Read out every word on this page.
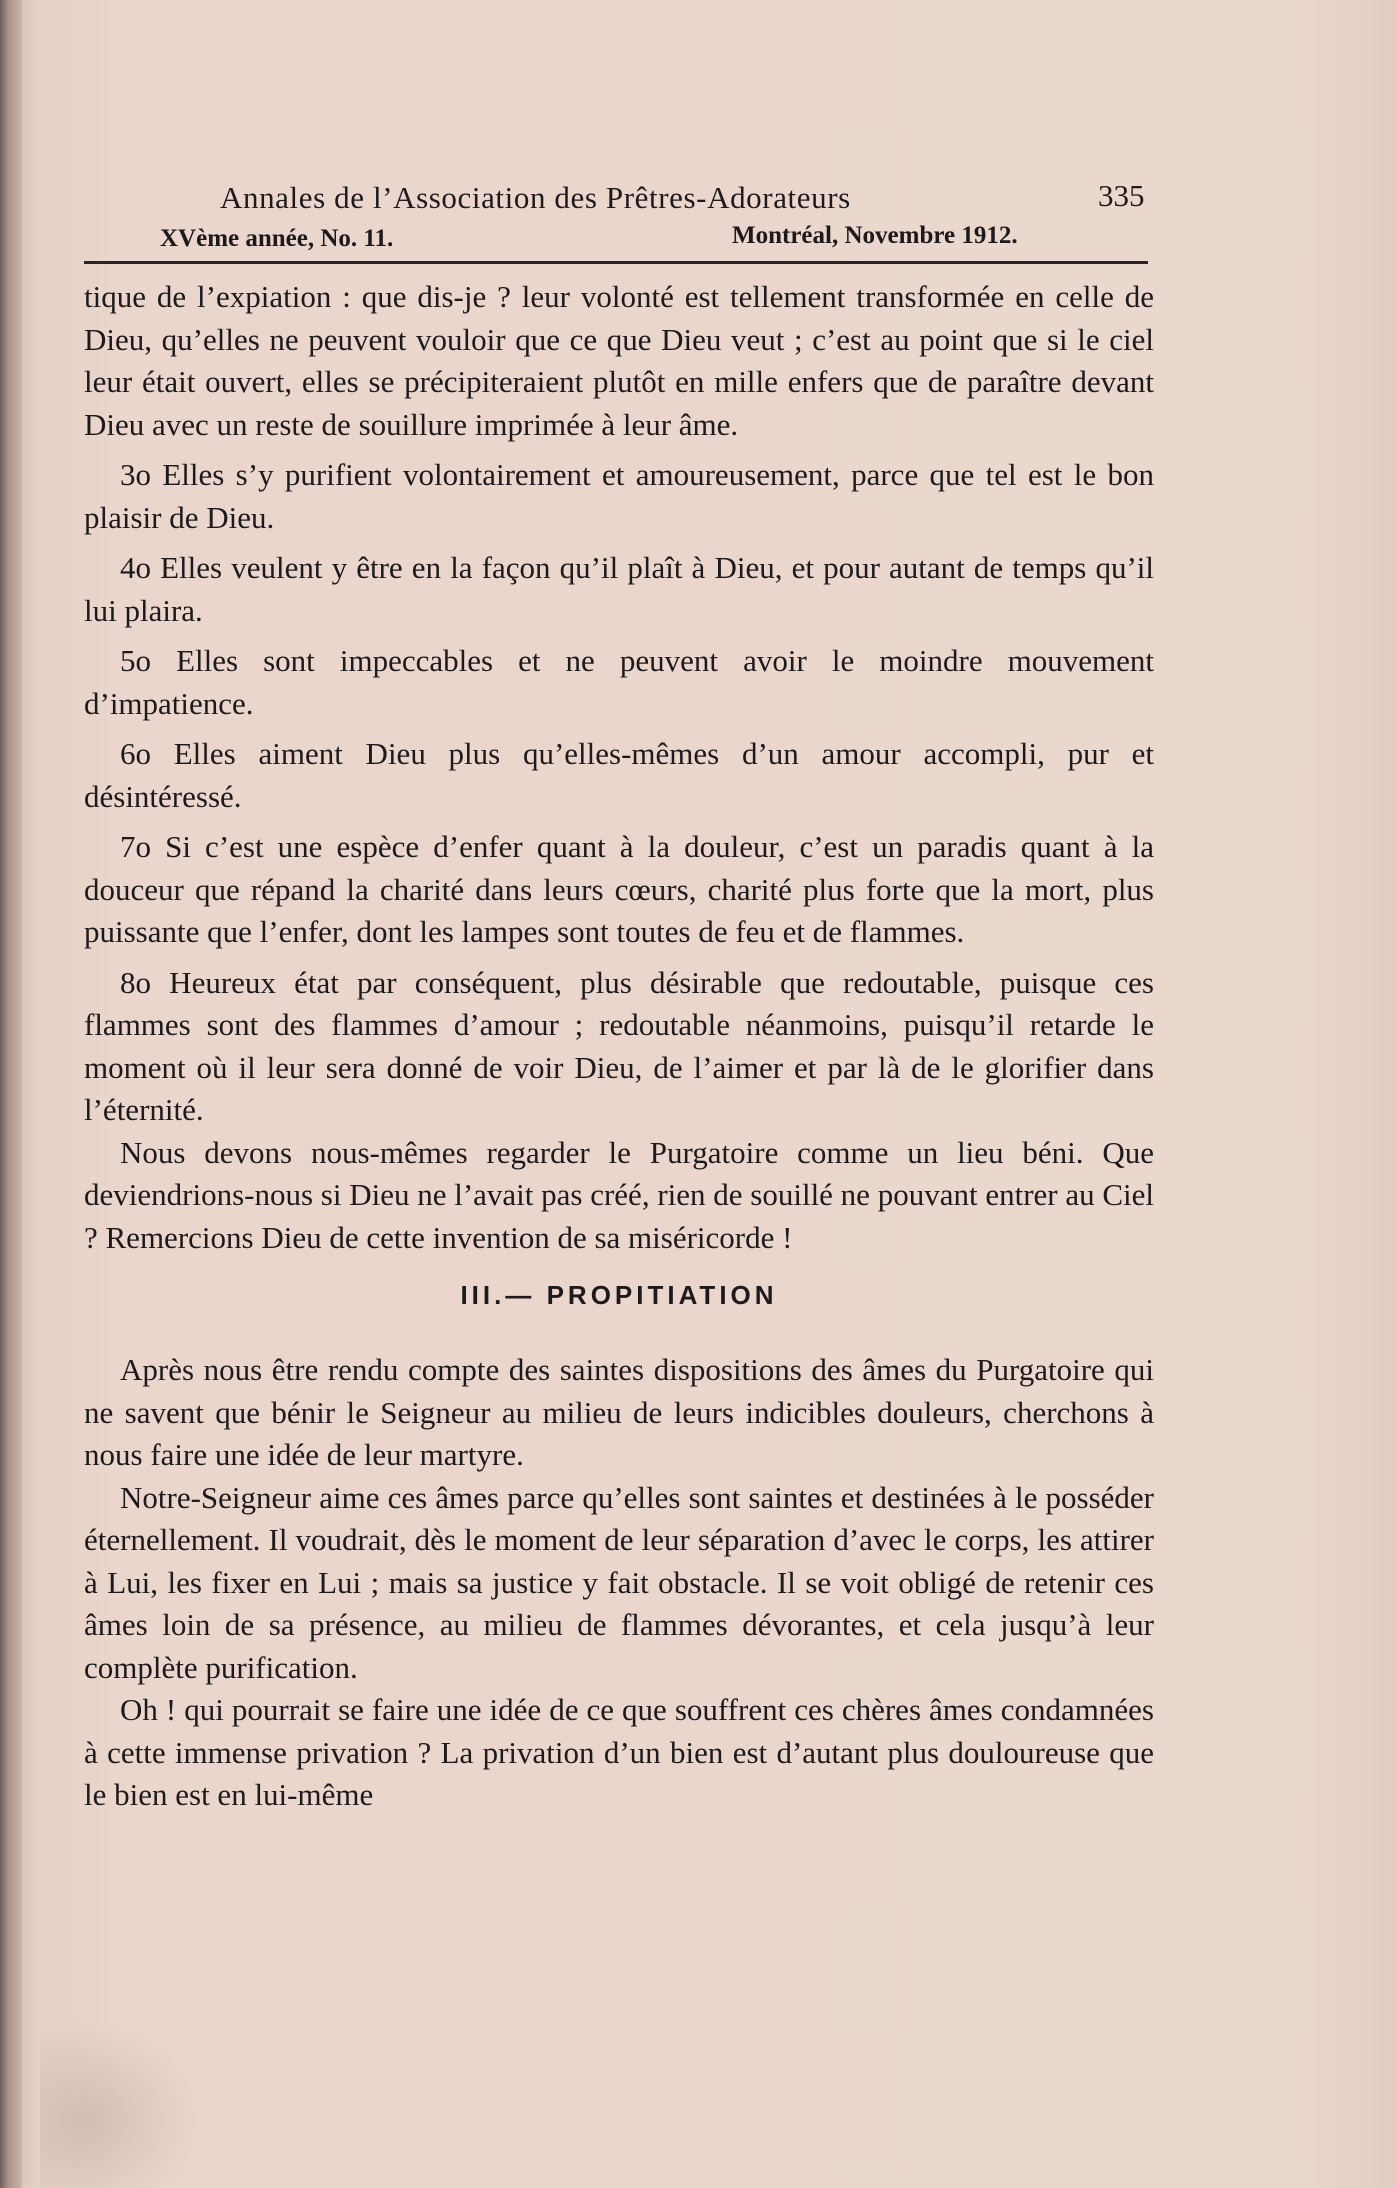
Annales de l’Association des Prêtres-Adorateurs	335
XVème année, No. 11.	Montréal, Novembre 1912.

tique de l’expiation : que dis-je ? leur volonté est tellement transformée en celle de Dieu, qu’elles ne peuvent vouloir que ce que Dieu veut ; c’est au point que si le ciel leur était ouvert, elles se précipiteraient plutôt en mille enfers que de paraître devant Dieu avec un reste de souillure imprimée à leur âme.

3o Elles s’y purifient volontairement et amoureusement, parce que tel est le bon plaisir de Dieu.

4o Elles veulent y être en la façon qu’il plaît à Dieu, et pour autant de temps qu’il lui plaira.

5o Elles sont impeccables et ne peuvent avoir le moindre mouvement d’impatience.

6o Elles aiment Dieu plus qu’elles-mêmes d’un amour accompli, pur et désintéressé.

7o Si c’est une espèce d’enfer quant à la douleur, c’est un paradis quant à la douceur que répand la charité dans leurs cœurs, charité plus forte que la mort, plus puissante que l’enfer, dont les lampes sont toutes de feu et de flammes.

8o Heureux état par conséquent, plus désirable que redoutable, puisque ces flammes sont des flammes d’amour ; redoutable néanmoins, puisqu’il retarde le moment où il leur sera donné de voir Dieu, de l’aimer et par là de le glorifier dans l’éternité.

Nous devons nous-mêmes regarder le Purgatoire comme un lieu béni. Que deviendrions-nous si Dieu ne l’avait pas créé, rien de souillé ne pouvant entrer au Ciel ? Remercions Dieu de cette invention de sa miséricorde !

III.— PROPITIATION

Après nous être rendu compte des saintes dispositions des âmes du Purgatoire qui ne savent que bénir le Seigneur au milieu de leurs indicibles douleurs, cherchons à nous faire une idée de leur martyre.

Notre-Seigneur aime ces âmes parce qu’elles sont saintes et destinées à le posséder éternellement. Il voudrait, dès le moment de leur séparation d’avec le corps, les attirer à Lui, les fixer en Lui ; mais sa justice y fait obstacle. Il se voit obligé de retenir ces âmes loin de sa présence, au milieu de flammes dévorantes, et cela jusqu’à leur complète purification.

Oh ! qui pourrait se faire une idée de ce que souffrent ces chères âmes condamnées à cette immense privation ? La privation d’un bien est d’autant plus douloureuse que le bien est en lui-même
